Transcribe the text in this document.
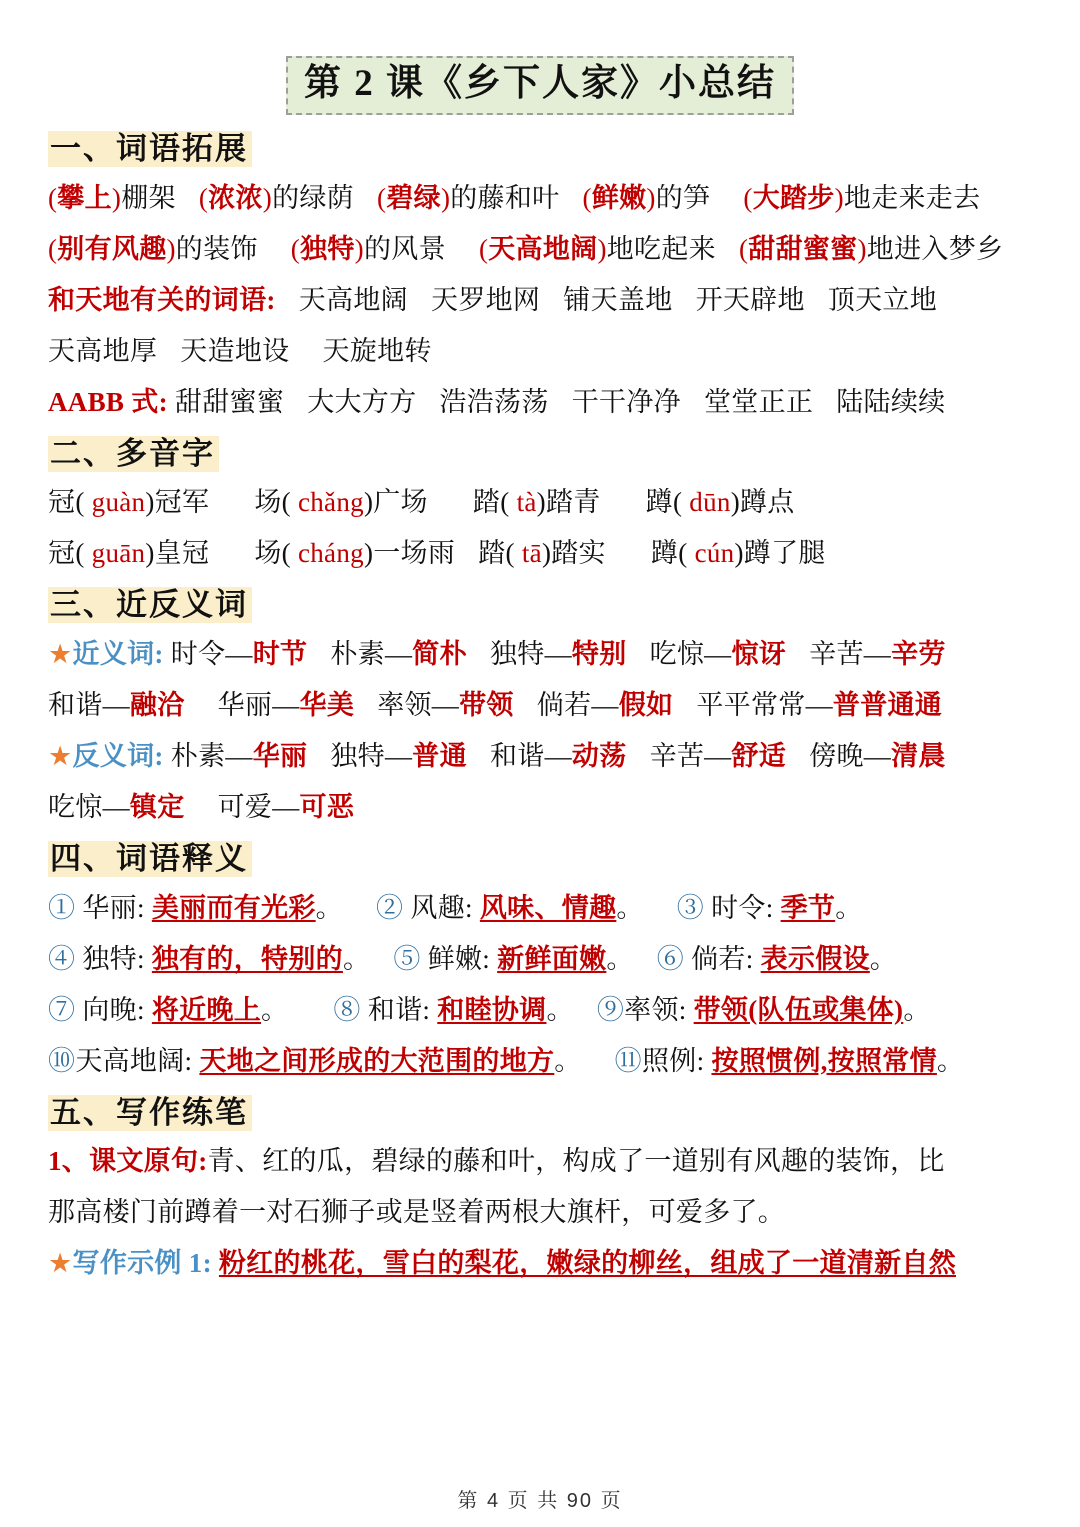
第 2 课《乡下人家》小总结
一、词语拓展
(攀上)棚架 (浓浓)的绿荫 (碧绿)的藤和叶 (鲜嫩)的笋 (大踏步)地走来走去
(别有风趣)的装饰 (独特)的风景 (天高地阔)地吃起来 (甜甜蜜蜜)地进入梦乡
和天地有关的词语: 天高地阔 天罗地网 铺天盖地 开天辟地 顶天立地
天高地厚 天造地设 天旋地转
AABB 式: 甜甜蜜蜜 大大方方 浩浩荡荡 干干净净 堂堂正正 陆陆续续
二、多音字
冠( guàn)冠军 场( chǎng)广场 踏( tà)踏青 蹲( dūn)蹲点
冠( guān)皇冠 场( cháng)一场雨 踏( tā)踏实 蹲( cún)蹲了腿
三、近反义词
★近义词: 时令—时节 朴素—简朴 独特—特别 吃惊—惊讶 辛苦—辛劳
和谐—融洽 华丽—华美 率领—带领 倘若—假如 平平常常—普普通通
★反义词: 朴素—华丽 独特—普通 和谐—动荡 辛苦—舒适 傍晚—清晨
吃惊—镇定 可爱—可恶
四、词语释义
① 华丽: 美丽而有光彩。 ② 风趣: 风味、情趣。 ③ 时令: 季节。
④ 独特: 独有的，特别的。 ⑤ 鲜嫩: 新鲜面嫩。 ⑥ 倘若: 表示假设。
⑦ 向晚: 将近晚上。 ⑧ 和谐: 和睦协调。 ⑨率领: 带领(队伍或集体)。
⑩天高地阔: 天地之间形成的大范围的地方。 ⑪照例: 按照惯例,按照常情。
五、写作练笔
1、课文原句:青、红的瓜，碧绿的藤和叶，构成了一道别有风趣的装饰，比
那高楼门前蹲着一对石狮子或是竖着两根大旗杆，可爱多了。
★写作示例 1: 粉红的桃花，雪白的梨花，嫩绿的柳丝，组成了一道清新自然
第 4 页 共 90 页
